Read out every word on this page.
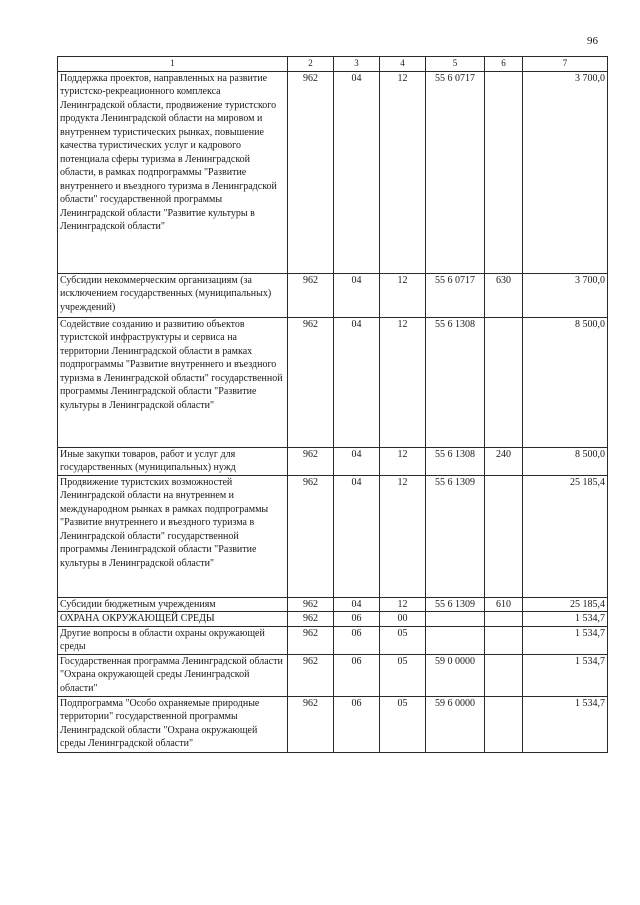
96
1	2	3	4	5	6	7
Поддержка проектов, направленных на развитие туристско-рекреационного комплекса Ленинградской области, продвижение туристского продукта Ленинградской области на мировом и внутреннем туристических рынках, повышение качества туристических услуг и кадрового потенциала сферы туризма в Ленинградской области, в рамках подпрограммы "Развитие внутреннего и въездного туризма в Ленинградской области" государственной программы Ленинградской области "Развитие культуры в Ленинградской области"	962	04	12	55 6 0717		3 700,0
Субсидии некоммерческим организациям (за исключением государственных (муниципальных) учреждений)	962	04	12	55 6 0717	630	3 700,0
Содействие созданию и развитию объектов туристской инфраструктуры и сервиса на территории Ленинградской области в рамках подпрограммы "Развитие внутреннего и въездного туризма в Ленинградской области" государственной программы Ленинградской области "Развитие культуры в Ленинградской области"	962	04	12	55 6 1308		8 500,0
Иные закупки товаров, работ и услуг для государственных (муниципальных) нужд	962	04	12	55 6 1308	240	8 500,0
Продвижение туристских возможностей Ленинградской области на внутреннем и международном рынках в рамках подпрограммы "Развитие внутреннего и въездного туризма в Ленинградской области" государственной программы Ленинградской области "Развитие культуры в Ленинградской области"	962	04	12	55 6 1309		25 185,4
Субсидии бюджетным учреждениям	962	04	12	55 6 1309	610	25 185,4
ОХРАНА ОКРУЖАЮЩЕЙ СРЕДЫ	962	06	00			1 534,7
Другие вопросы в области охраны окружающей среды	962	06	05			1 534,7
Государственная программа Ленинградской области "Охрана окружающей среды Ленинградской области"	962	06	05	59 0 0000		1 534,7
Подпрограмма "Особо охраняемые природные территории" государственной программы Ленинградской области "Охрана окружающей среды Ленинградской области"	962	06	05	59 6 0000		1 534,7
